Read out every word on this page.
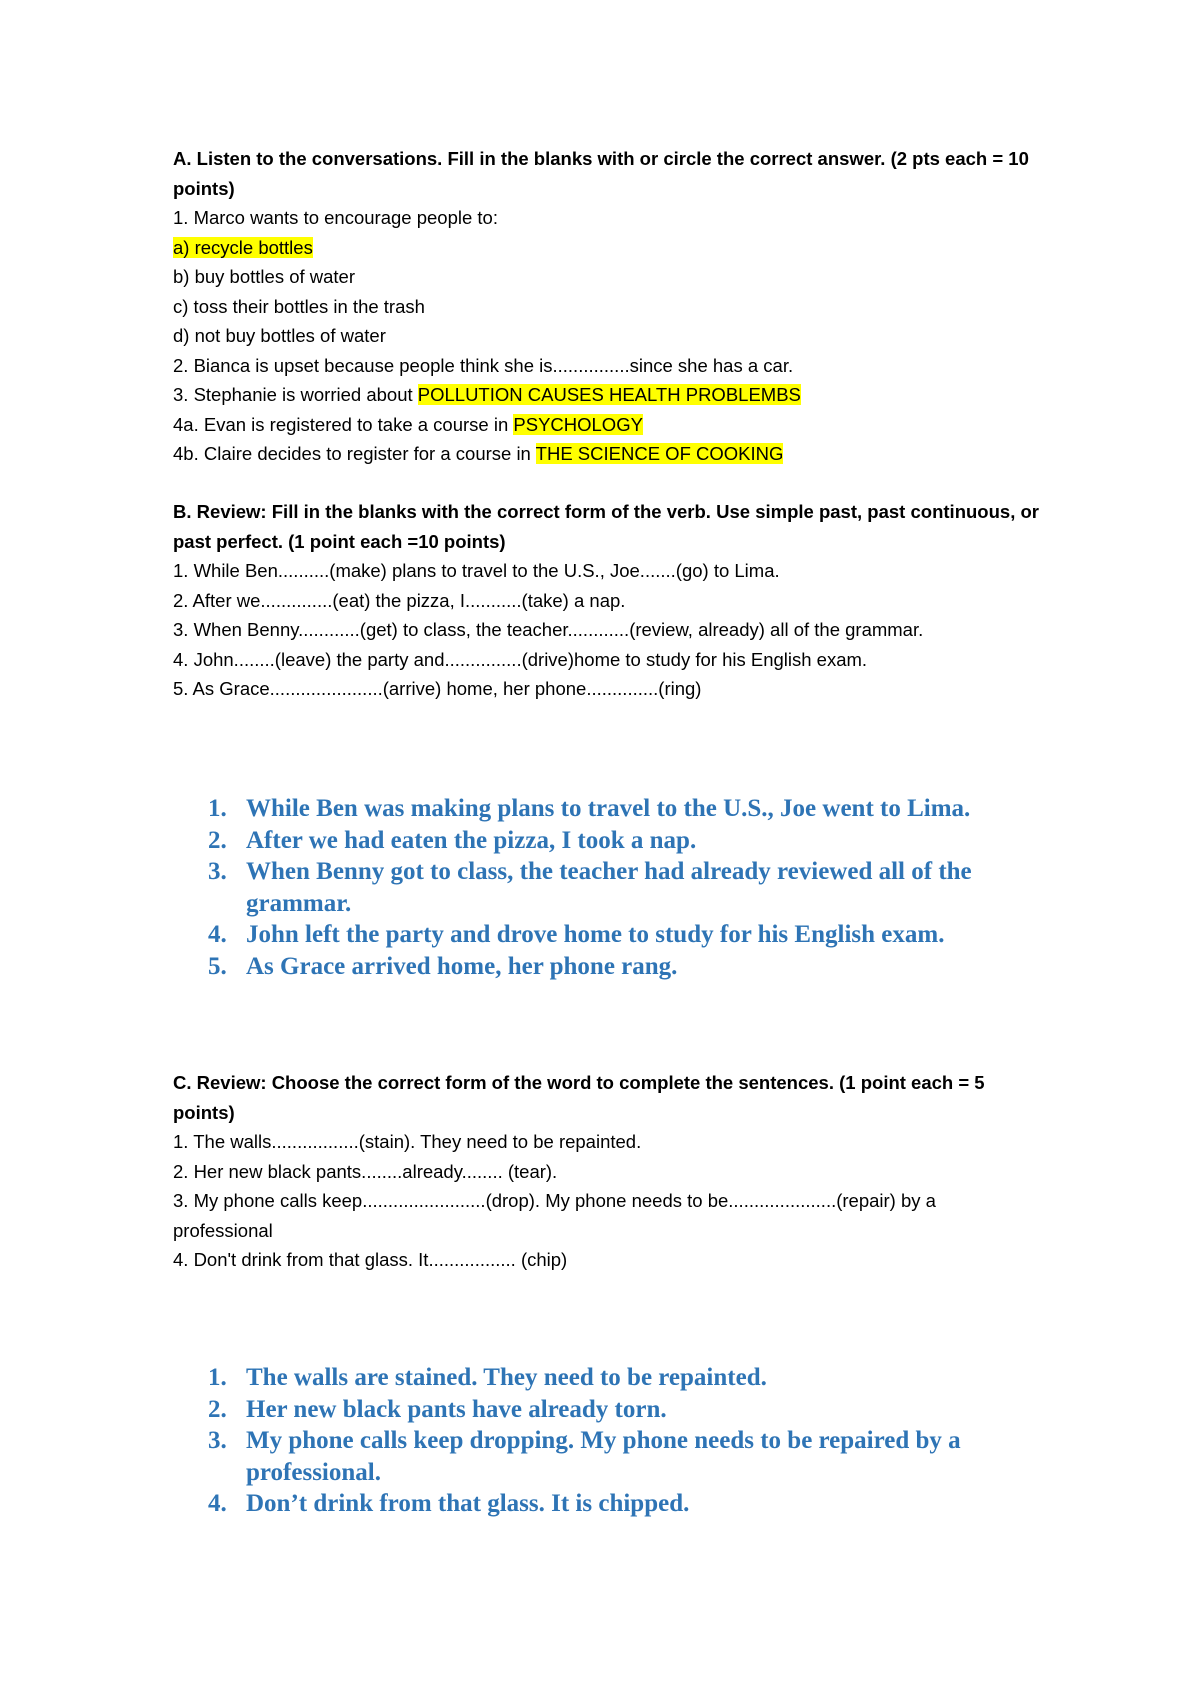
A. Listen to the conversations. Fill in the blanks with or circle the correct answer. (2 pts each = 10 points)
1. Marco wants to encourage people to:
a) recycle bottles
b) buy bottles of water
c) toss their bottles in the trash
d) not buy bottles of water
2. Bianca is upset because people think she is...............since she has a car.
3. Stephanie is worried about POLLUTION CAUSES HEALTH PROBLEMBS
4a. Evan is registered to take a course in PSYCHOLOGY
4b. Claire decides to register for a course in THE SCIENCE OF COOKING
B. Review: Fill in the blanks with the correct form of the verb. Use simple past, past continuous, or past perfect. (1 point each =10 points)
1. While Ben..........(make) plans to travel to the U.S., Joe.......(go) to Lima.
2. After we..............(eat) the pizza, I...........(take) a nap.
3. When Benny............(get) to class, the teacher............(review, already) all of the grammar.
4. John........(leave) the party and...............(drive)home to study for his English exam.
5. As Grace......................(arrive) home, her phone..............(ring)
1. While Ben was making plans to travel to the U.S., Joe went to Lima.
2. After we had eaten the pizza, I took a nap.
3. When Benny got to class, the teacher had already reviewed all of the grammar.
4. John left the party and drove home to study for his English exam.
5. As Grace arrived home, her phone rang.
C. Review: Choose the correct form of the word to complete the sentences. (1 point each = 5 points)
1. The walls.................(stain). They need to be repainted.
2. Her new black pants........already........ (tear).
3. My phone calls keep........................(drop). My phone needs to be.....................(repair) by a professional
4. Don't drink from that glass. It................. (chip)
1. The walls are stained. They need to be repainted.
2. Her new black pants have already torn.
3. My phone calls keep dropping. My phone needs to be repaired by a professional.
4. Don’t drink from that glass. It is chipped.
